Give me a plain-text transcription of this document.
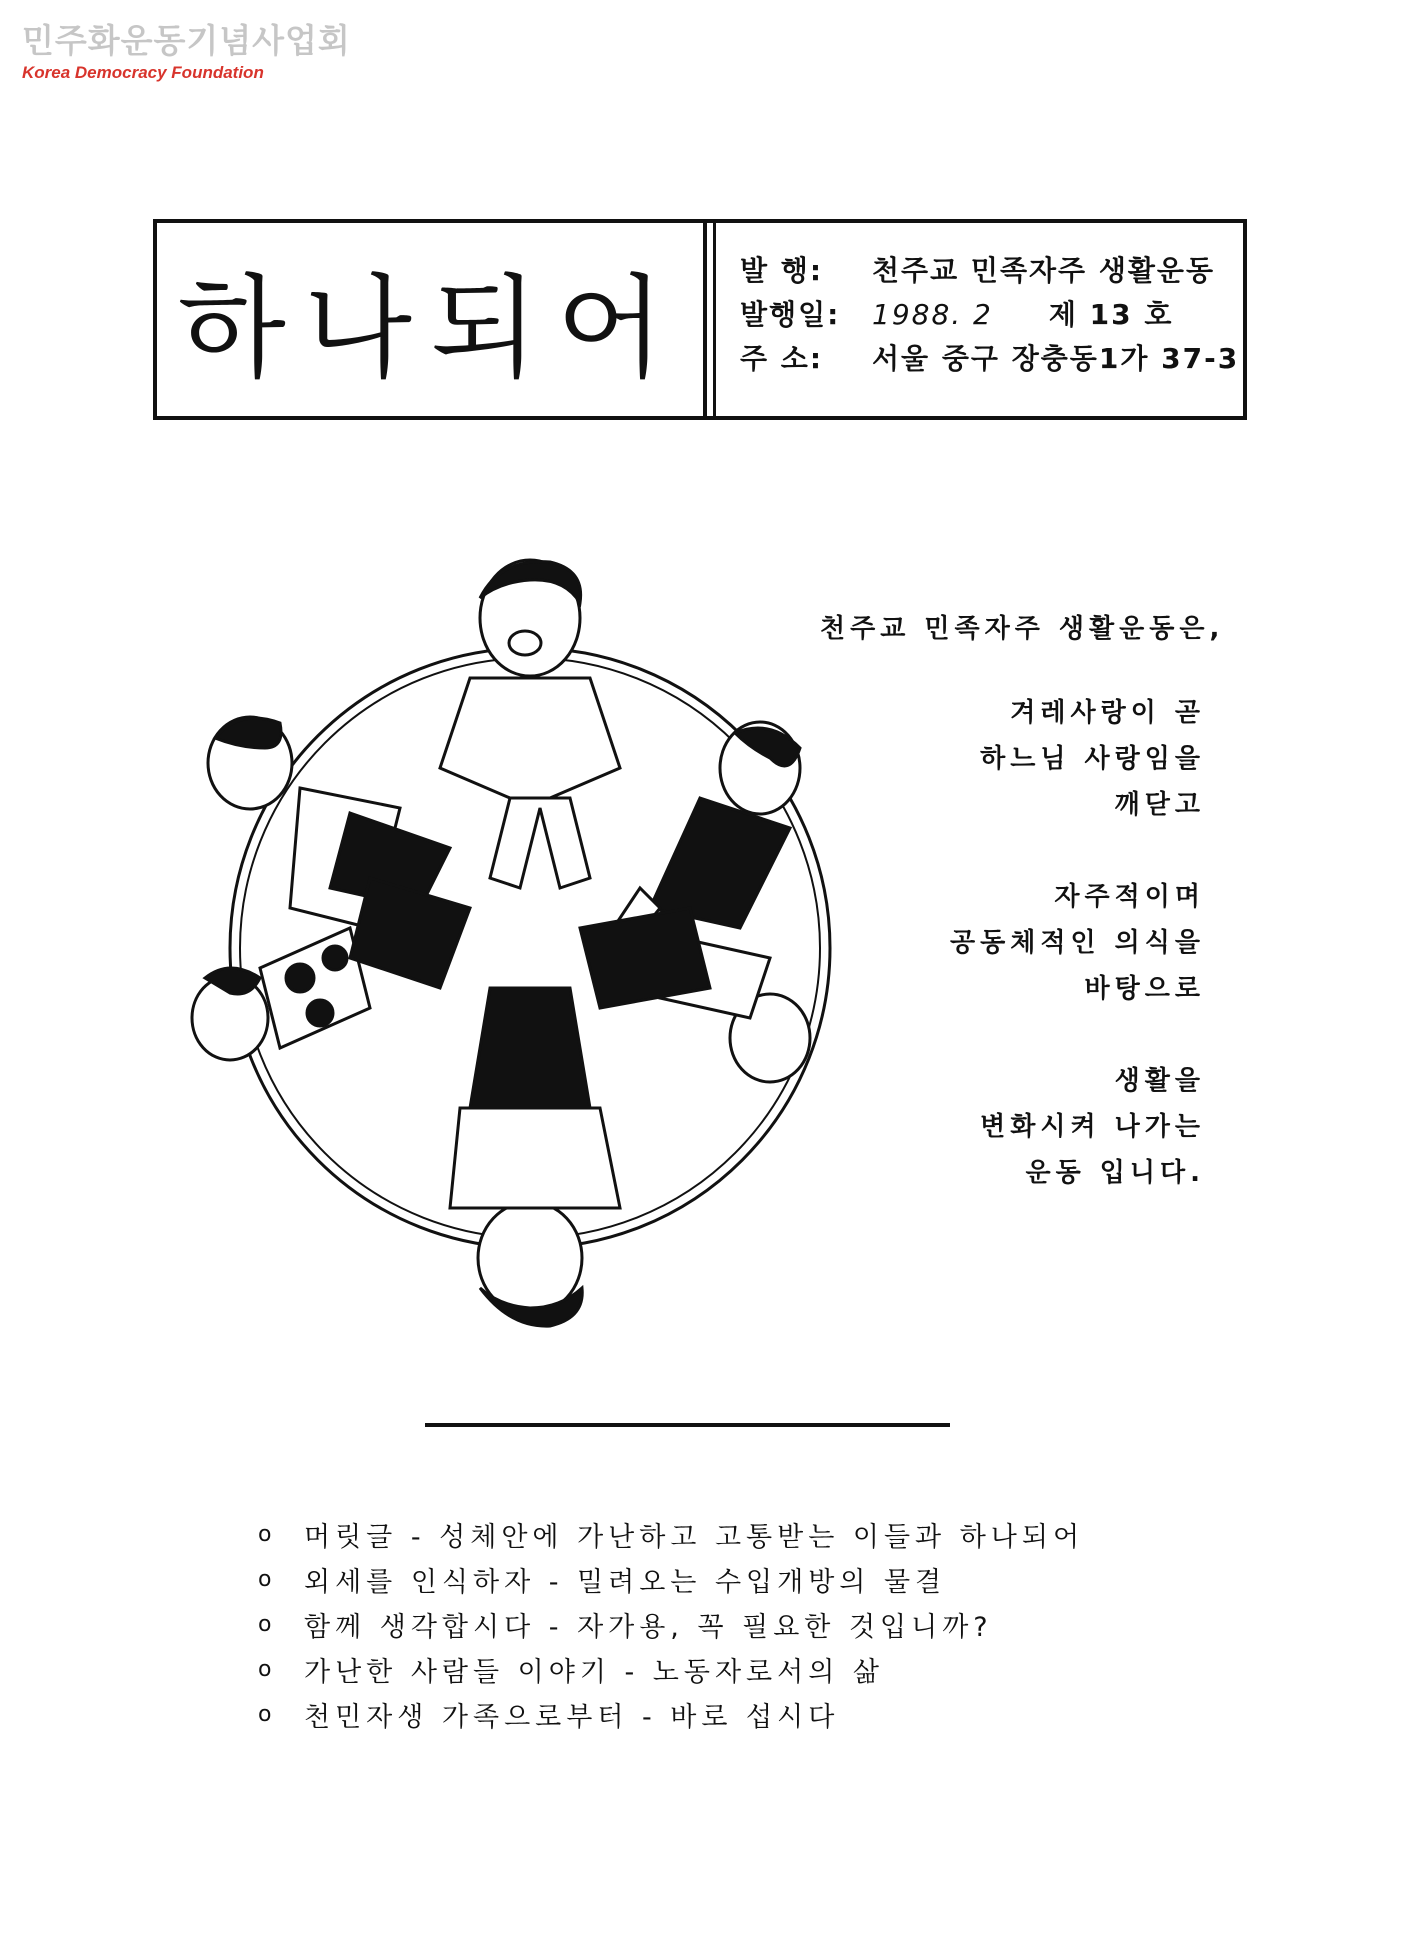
민주화운동기념사업회
Korea Democracy Foundation
하나되어 발 행:	천주교 민족자주 생활운동
발행일:	1988. 2 제 13 호
주 소:	서울 중구 장충동1가 37-3
천주교 민족자주 생활운동은,
겨레사랑이 곧
하느님 사랑임을
깨닫고
자주적이며
공동체적인 의식을
바탕으로
생활을
변화시켜 나가는
운동 입니다.
o	머릿글 - 성체안에 가난하고 고통받는 이들과 하나되어
o	외세를 인식하자 - 밀려오는 수입개방의 물결
o	함께 생각합시다 - 자가용, 꼭 필요한 것입니까?
o	가난한 사람들 이야기 - 노동자로서의 삶
o	천민자생 가족으로부터 - 바로 섭시다
